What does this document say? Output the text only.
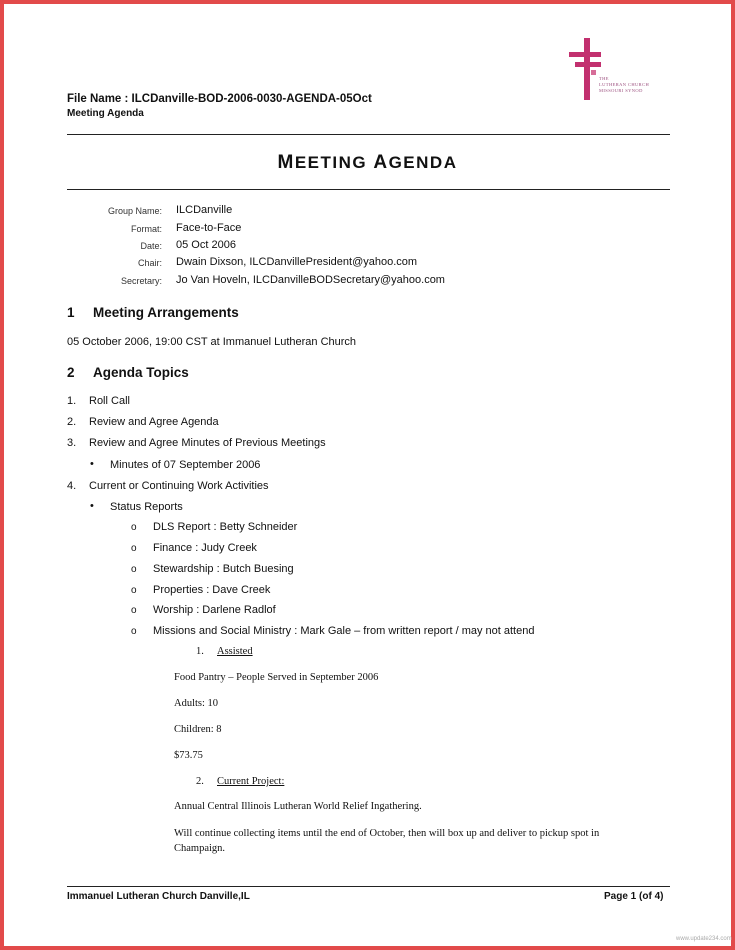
THE
LUTHERAN CHURCH
MISSOURI SYNOD
File Name : ILCDanville-BOD-2006-0030-AGENDA-05Oct
Meeting Agenda
MEETING AGENDA
Group Name: ILCDanville
Format: Face-to-Face
Date: 05 Oct 2006
Chair: Dwain Dixson, ILCDanvillePresident@yahoo.com
Secretary: Jo Van Hoveln, ILCDanvilleBODSecretary@yahoo.com
1 Meeting Arrangements
05 October 2006, 19:00 CST at Immanuel Lutheran Church
2 Agenda Topics
1. Roll Call
2. Review and Agree Agenda
3. Review and Agree Minutes of Previous Meetings
• Minutes of 07 September 2006
4. Current or Continuing Work Activities
• Status Reports
o DLS Report : Betty Schneider
o Finance : Judy Creek
o Stewardship : Butch Buesing
o Properties : Dave Creek
o Worship : Darlene Radlof
o Missions and Social Ministry : Mark Gale – from written report / may not attend
1. Assisted
Food Pantry – People Served in September 2006
Adults: 10
Children: 8
$73.75
2. Current Project:
Annual Central Illinois Lutheran World Relief Ingathering.
Will continue collecting items until the end of October, then will box up and deliver to pickup spot in
Champaign.
Immanuel Lutheran Church Danville,IL	Page 1 (of 4)
www.update234.com
